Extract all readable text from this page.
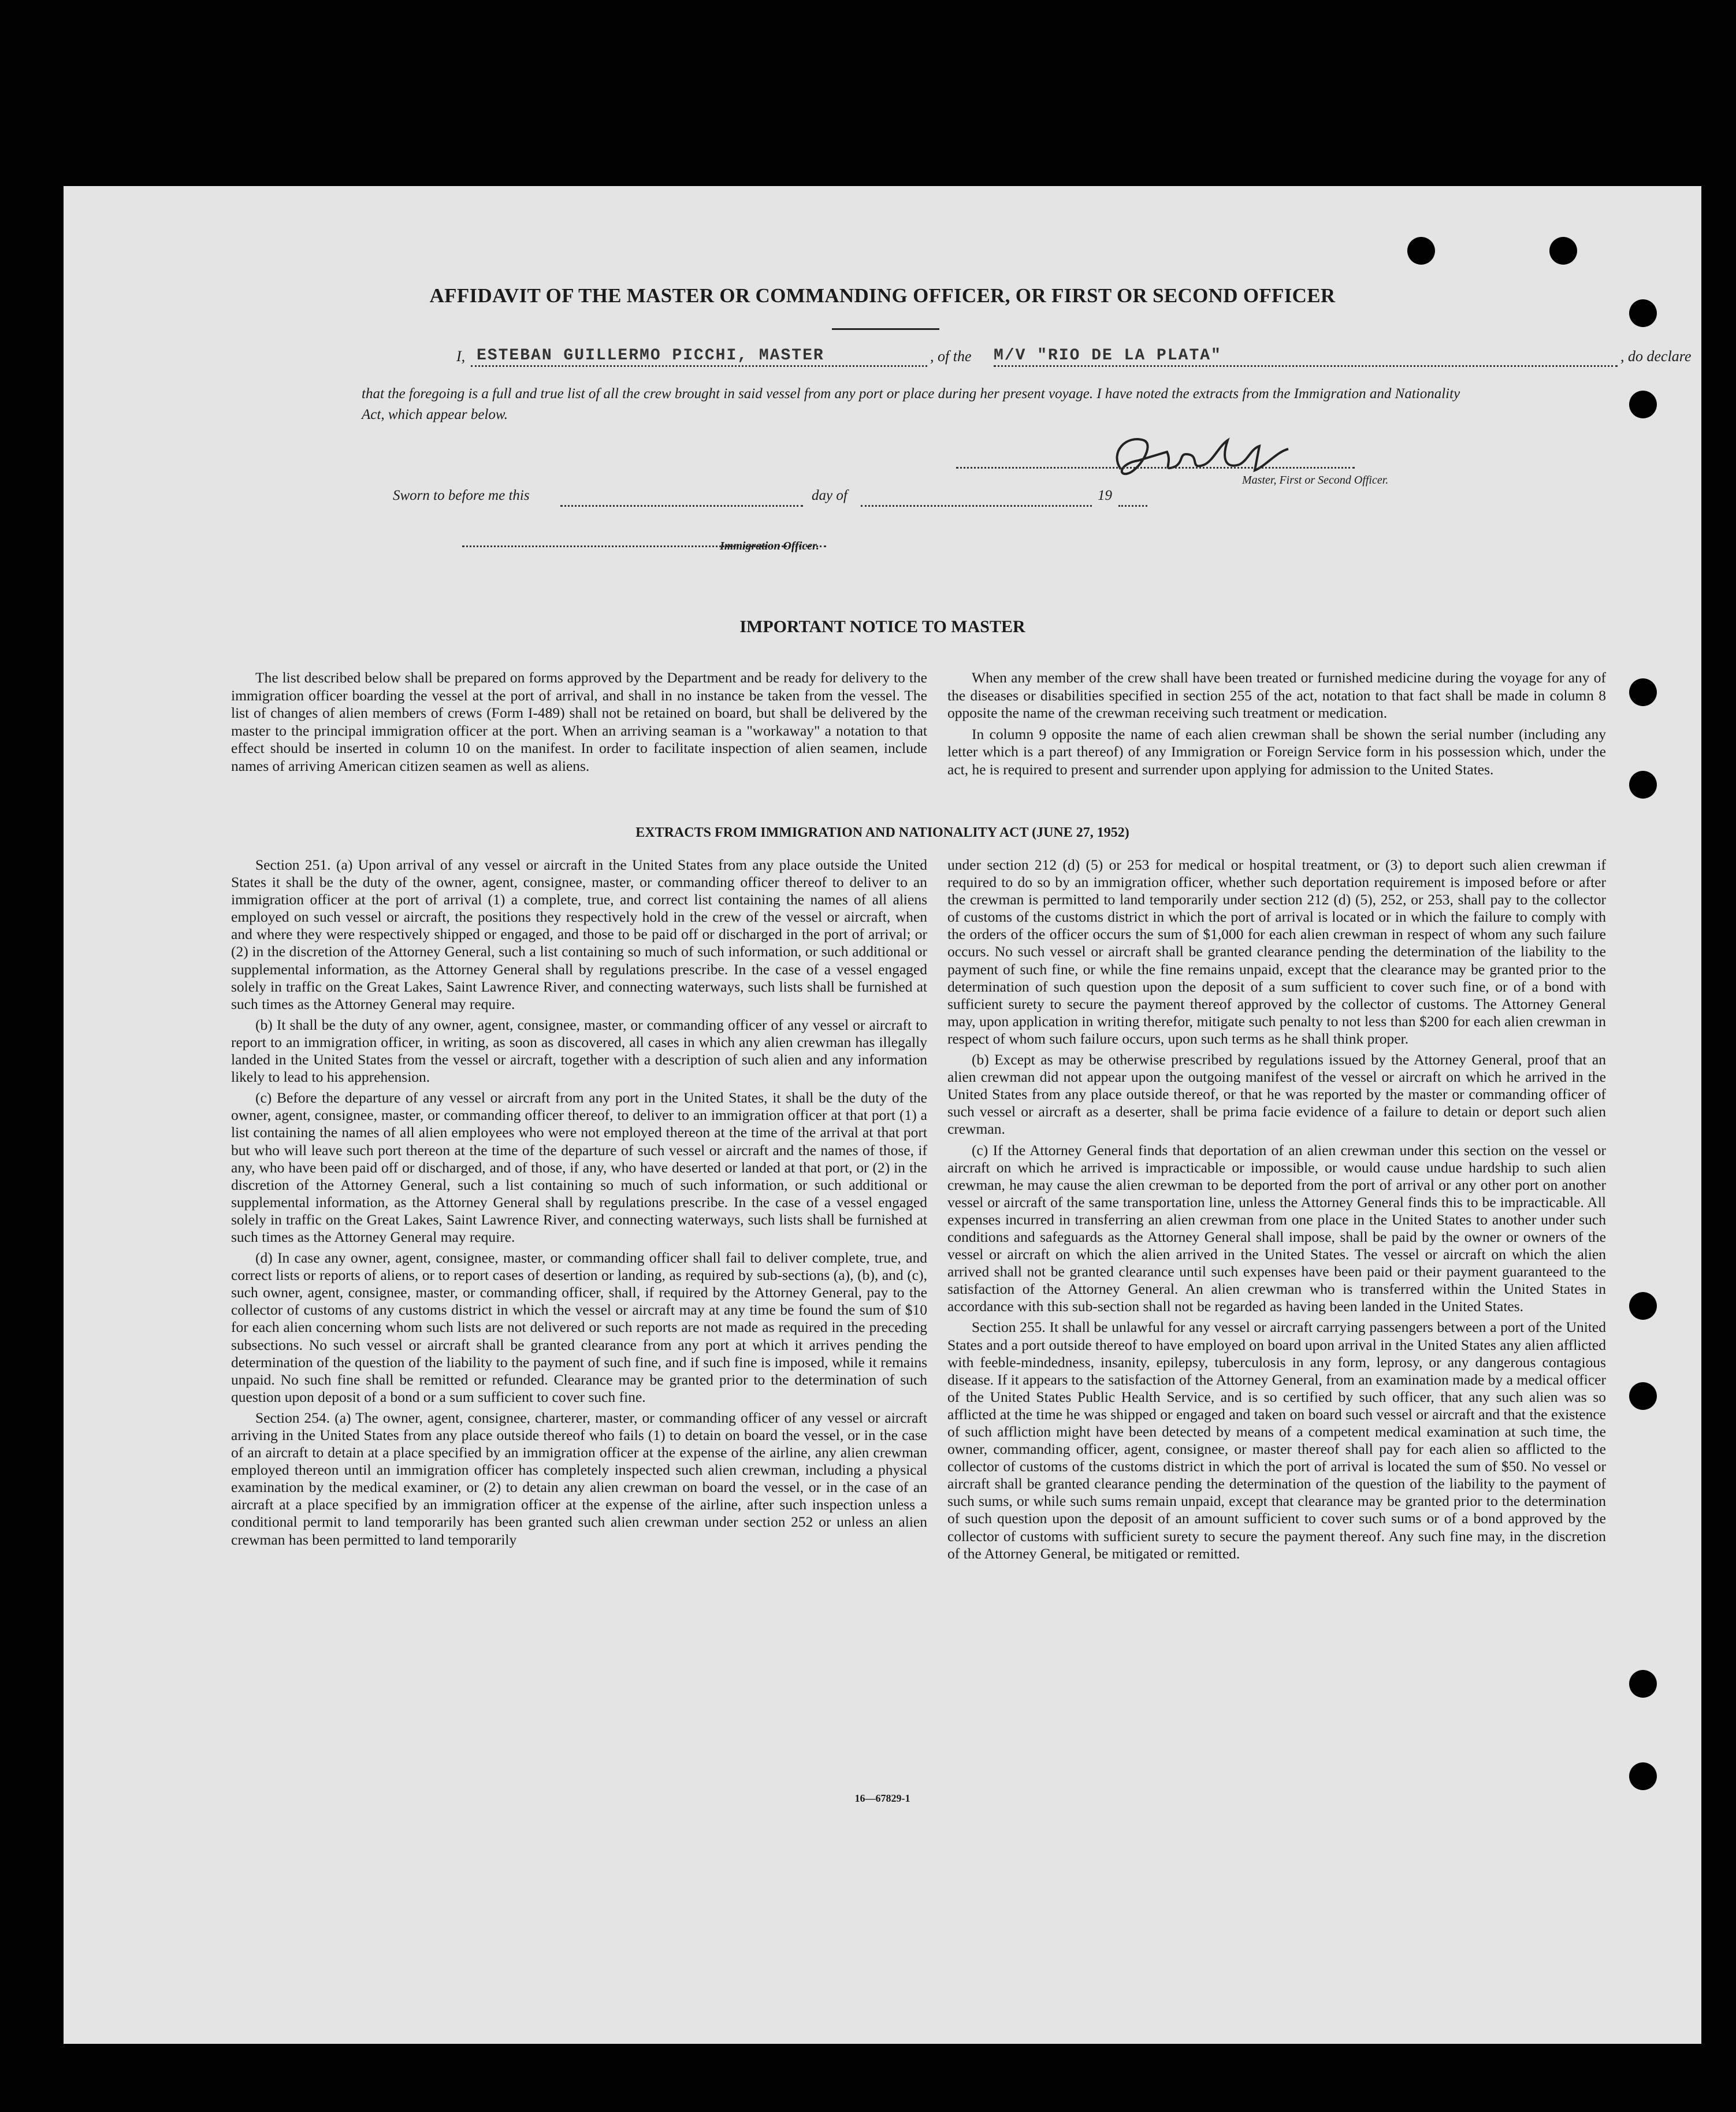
AFFIDAVIT OF THE MASTER OR COMMANDING OFFICER, OR FIRST OR SECOND OFFICER
I, ESTEBAN GUILLERMO PICCHI, MASTER	, of the M/V "RIO DE LA PLATA"	, do declare
that the foregoing is a full and true list of all the crew brought in said vessel from any port or place during her present voyage. I have noted the extracts from the Immigration and Nationality Act, which appear below.
Master, First or Second Officer.
Sworn to before me this	day of	19
Immigration Officer.
IMPORTANT NOTICE TO MASTER

The list described below shall be prepared on forms approved by the Department and be ready for delivery to the immigration officer boarding the vessel at the port of arrival, and shall in no instance be taken from the vessel. The list of changes of alien members of crews (Form I-489) shall not be retained on board, but shall be delivered by the master to the principal immigration officer at the port. When an arriving seaman is a "workaway" a notation to that effect should be inserted in column 10 on the manifest. In order to facilitate inspection of alien seamen, include names of arriving American citizen seamen as well as aliens.

When any member of the crew shall have been treated or furnished medicine during the voyage for any of the diseases or disabilities specified in section 255 of the act, notation to that fact shall be made in column 8 opposite the name of the crewman receiving such treatment or medication.

In column 9 opposite the name of each alien crewman shall be shown the serial number (including any letter which is a part thereof) of any Immigration or Foreign Service form in his possession which, under the act, he is required to present and surrender upon applying for admission to the United States.

EXTRACTS FROM IMMIGRATION AND NATIONALITY ACT (JUNE 27, 1952)

Section 251. (a) Upon arrival of any vessel or aircraft in the United States from any place outside the United States it shall be the duty of the owner, agent, consignee, master, or commanding officer thereof to deliver to an immigration officer at the port of arrival (1) a complete, true, and correct list containing the names of all aliens employed on such vessel or aircraft, the positions they respectively hold in the crew of the vessel or aircraft, when and where they were respectively shipped or engaged, and those to be paid off or discharged in the port of arrival; or (2) in the discretion of the Attorney General, such a list containing so much of such information, or such additional or supplemental information, as the Attorney General shall by regulations prescribe. In the case of a vessel engaged solely in traffic on the Great Lakes, Saint Lawrence River, and connecting waterways, such lists shall be furnished at such times as the Attorney General may require.

(b) It shall be the duty of any owner, agent, consignee, master, or commanding officer of any vessel or aircraft to report to an immigration officer, in writing, as soon as discovered, all cases in which any alien crewman has illegally landed in the United States from the vessel or aircraft, together with a description of such alien and any information likely to lead to his apprehension.

(c) Before the departure of any vessel or aircraft from any port in the United States, it shall be the duty of the owner, agent, consignee, master, or commanding officer thereof, to deliver to an immigration officer at that port (1) a list containing the names of all alien employees who were not employed thereon at the time of the arrival at that port but who will leave such port thereon at the time of the departure of such vessel or aircraft and the names of those, if any, who have been paid off or discharged, and of those, if any, who have deserted or landed at that port, or (2) in the discretion of the Attorney General, such a list containing so much of such information, or such additional or supplemental information, as the Attorney General shall by regulations prescribe. In the case of a vessel engaged solely in traffic on the Great Lakes, Saint Lawrence River, and connecting waterways, such lists shall be furnished at such times as the Attorney General may require.

(d) In case any owner, agent, consignee, master, or commanding officer shall fail to deliver complete, true, and correct lists or reports of aliens, or to report cases of desertion or landing, as required by sub-sections (a), (b), and (c), such owner, agent, consignee, master, or commanding officer, shall, if required by the Attorney General, pay to the collector of customs of any customs district in which the vessel or aircraft may at any time be found the sum of $10 for each alien concerning whom such lists are not delivered or such reports are not made as required in the preceding subsections. No such vessel or aircraft shall be granted clearance from any port at which it arrives pending the determination of the question of the liability to the payment of such fine, and if such fine is imposed, while it remains unpaid. No such fine shall be remitted or refunded. Clearance may be granted prior to the determination of such question upon deposit of a bond or a sum sufficient to cover such fine.

Section 254. (a) The owner, agent, consignee, charterer, master, or commanding officer of any vessel or aircraft arriving in the United States from any place outside thereof who fails (1) to detain on board the vessel, or in the case of an aircraft to detain at a place specified by an immigration officer at the expense of the airline, any alien crewman employed thereon until an immigration officer has completely inspected such alien crewman, including a physical examination by the medical examiner, or (2) to detain any alien crewman on board the vessel, or in the case of an aircraft at a place specified by an immigration officer at the expense of the airline, after such inspection unless a conditional permit to land temporarily has been granted such alien crewman under section 252 or unless an alien crewman has been permitted to land temporarily

under section 212 (d) (5) or 253 for medical or hospital treatment, or (3) to deport such alien crewman if required to do so by an immigration officer, whether such deportation requirement is imposed before or after the crewman is permitted to land temporarily under section 212 (d) (5), 252, or 253, shall pay to the collector of customs of the customs district in which the port of arrival is located or in which the failure to comply with the orders of the officer occurs the sum of $1,000 for each alien crewman in respect of whom any such failure occurs. No such vessel or aircraft shall be granted clearance pending the determination of the liability to the payment of such fine, or while the fine remains unpaid, except that the clearance may be granted prior to the determination of such question upon the deposit of a sum sufficient to cover such fine, or of a bond with sufficient surety to secure the payment thereof approved by the collector of customs. The Attorney General may, upon application in writing therefor, mitigate such penalty to not less than $200 for each alien crewman in respect of whom such failure occurs, upon such terms as he shall think proper.

(b) Except as may be otherwise prescribed by regulations issued by the Attorney General, proof that an alien crewman did not appear upon the outgoing manifest of the vessel or aircraft on which he arrived in the United States from any place outside thereof, or that he was reported by the master or commanding officer of such vessel or aircraft as a deserter, shall be prima facie evidence of a failure to detain or deport such alien crewman.

(c) If the Attorney General finds that deportation of an alien crewman under this section on the vessel or aircraft on which he arrived is impracticable or impossible, or would cause undue hardship to such alien crewman, he may cause the alien crewman to be deported from the port of arrival or any other port on another vessel or aircraft of the same transportation line, unless the Attorney General finds this to be impracticable. All expenses incurred in transferring an alien crewman from one place in the United States to another under such conditions and safeguards as the Attorney General shall impose, shall be paid by the owner or owners of the vessel or aircraft on which the alien arrived in the United States. The vessel or aircraft on which the alien arrived shall not be granted clearance until such expenses have been paid or their payment guaranteed to the satisfaction of the Attorney General. An alien crewman who is transferred within the United States in accordance with this sub-section shall not be regarded as having been landed in the United States.

Section 255. It shall be unlawful for any vessel or aircraft carrying passengers between a port of the United States and a port outside thereof to have employed on board upon arrival in the United States any alien afflicted with feeble-mindedness, insanity, epilepsy, tuberculosis in any form, leprosy, or any dangerous contagious disease. If it appears to the satisfaction of the Attorney General, from an examination made by a medical officer of the United States Public Health Service, and is so certified by such officer, that any such alien was so afflicted at the time he was shipped or engaged and taken on board such vessel or aircraft and that the existence of such affliction might have been detected by means of a competent medical examination at such time, the owner, commanding officer, agent, consignee, or master thereof shall pay for each alien so afflicted to the collector of customs of the customs district in which the port of arrival is located the sum of $50. No vessel or aircraft shall be granted clearance pending the determination of the question of the liability to the payment of such sums, or while such sums remain unpaid, except that clearance may be granted prior to the determination of such question upon the deposit of an amount sufficient to cover such sums or of a bond approved by the collector of customs with sufficient surety to secure the payment thereof. Any such fine may, in the discretion of the Attorney General, be mitigated or remitted.

16—67829-1
